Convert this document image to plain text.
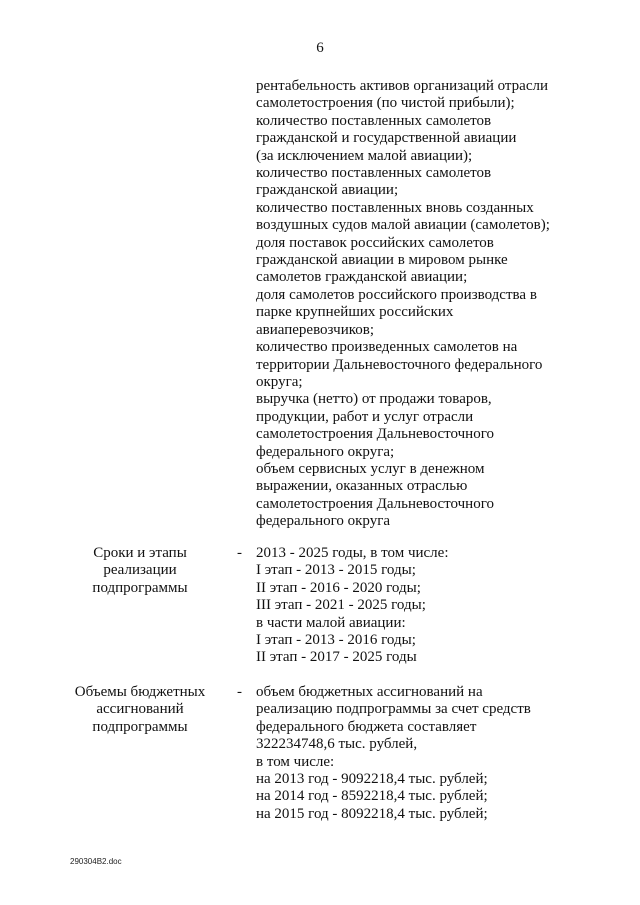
6
рентабельность активов организаций отрасли
самолетостроения (по чистой прибыли);
количество поставленных самолетов
гражданской и государственной авиации
(за исключением малой авиации);
количество поставленных самолетов
гражданской авиации;
количество поставленных вновь созданных
воздушных судов малой авиации (самолетов);
доля поставок российских самолетов
гражданской авиации в мировом рынке
самолетов гражданской авиации;
доля самолетов российского производства в
парке крупнейших российских
авиаперевозчиков;
количество произведенных самолетов на
территории Дальневосточного федерального
округа;
выручка (нетто) от продажи товаров,
продукции, работ и услуг отрасли
самолетостроения Дальневосточного
федерального округа;
объем сервисных услуг в денежном
выражении, оказанных отраслью
самолетостроения Дальневосточного
федерального округа
Сроки и этапы
реализации
подпрограммы
- 2013 - 2025 годы, в том числе:
I этап - 2013 - 2015 годы;
II этап - 2016 - 2020 годы;
III этап - 2021 - 2025 годы;
в части малой авиации:
I этап - 2013 - 2016 годы;
II этап - 2017 - 2025 годы
Объемы бюджетных
ассигнований
подпрограммы
- объем бюджетных ассигнований на
реализацию подпрограммы за счет средств
федерального бюджета составляет
322234748,6 тыс. рублей,
в том числе:
на 2013 год - 9092218,4 тыс. рублей;
на 2014 год - 8592218,4 тыс. рублей;
на 2015 год - 8092218,4 тыс. рублей;
290304B2.doc
